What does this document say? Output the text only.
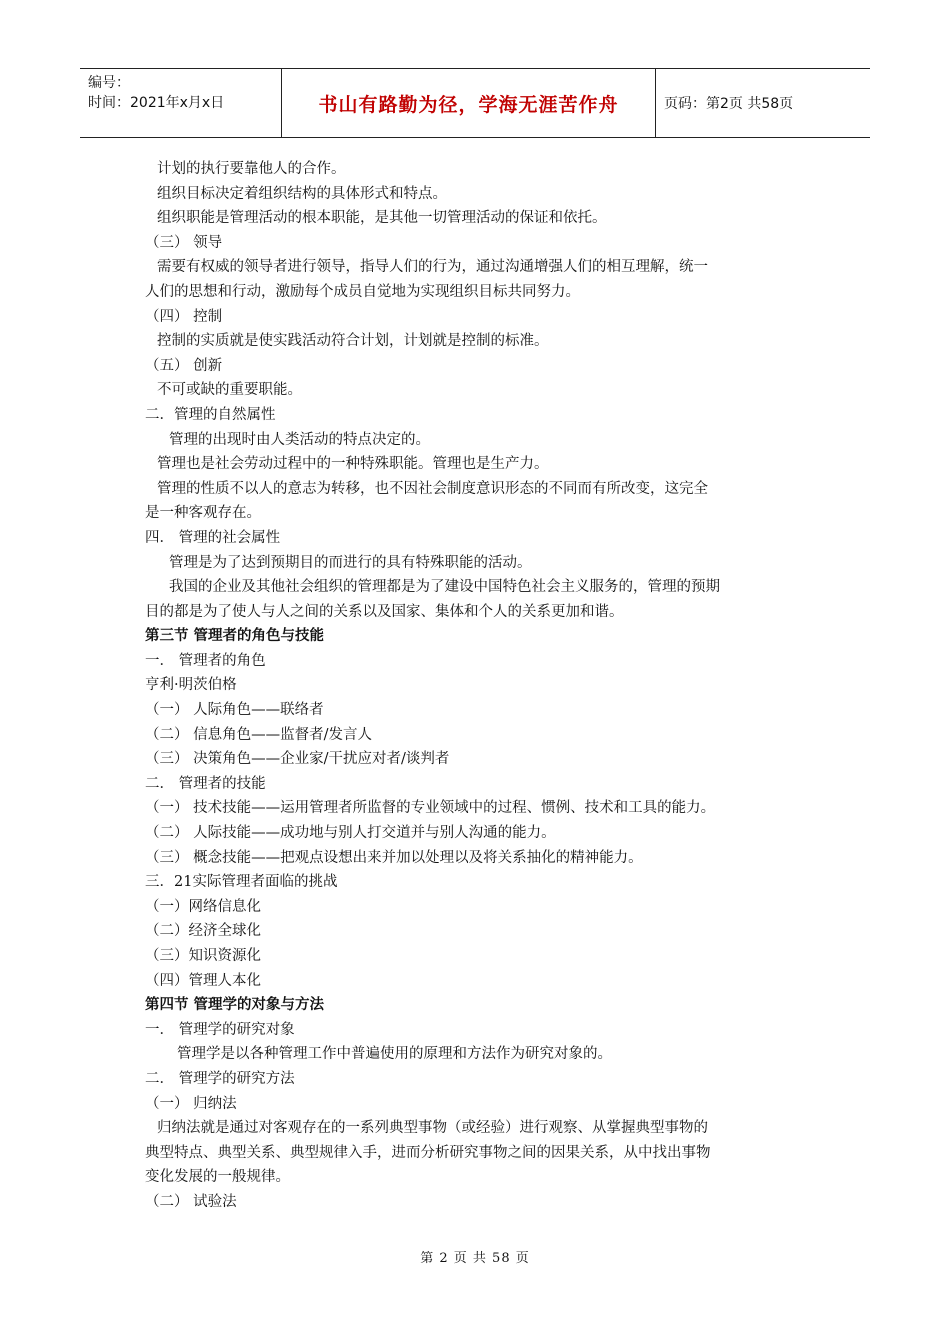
编号：
时间：2021年x月x日	书山有路勤为径，学海无涯苦作舟	页码：第2页 共58页
计划的执行要靠他人的合作。
组织目标决定着组织结构的具体形式和特点。
组织职能是管理活动的根本职能，是其他一切管理活动的保证和依托。
（三） 领导
需要有权威的领导者进行领导，指导人们的行为，通过沟通增强人们的相互理解，统一
人们的思想和行动，激励每个成员自觉地为实现组织目标共同努力。
（四） 控制
控制的实质就是使实践活动符合计划，计划就是控制的标准。
（五） 创新
不可或缺的重要职能。
二．管理的自然属性
管理的出现时由人类活动的特点决定的。
管理也是社会劳动过程中的一种特殊职能。管理也是生产力。
管理的性质不以人的意志为转移，也不因社会制度意识形态的不同而有所改变，这完全
是一种客观存在。
四． 管理的社会属性
管理是为了达到预期目的而进行的具有特殊职能的活动。
我国的企业及其他社会组织的管理都是为了建设中国特色社会主义服务的，管理的预期
目的都是为了使人与人之间的关系以及国家、集体和个人的关系更加和谐。
第三节 管理者的角色与技能
一． 管理者的角色
亨利·明茨伯格
（一） 人际角色——联络者
（二） 信息角色——监督者/发言人
（三） 决策角色——企业家/干扰应对者/谈判者
二． 管理者的技能
（一） 技术技能——运用管理者所监督的专业领域中的过程、惯例、技术和工具的能力。
（二） 人际技能——成功地与别人打交道并与别人沟通的能力。
（三） 概念技能——把观点设想出来并加以处理以及将关系抽化的精神能力。
三．21实际管理者面临的挑战
（一）网络信息化
（二）经济全球化
（三）知识资源化
（四）管理人本化
第四节 管理学的对象与方法
一． 管理学的研究对象
管理学是以各种管理工作中普遍使用的原理和方法作为研究对象的。
二． 管理学的研究方法
（一） 归纳法
归纳法就是通过对客观存在的一系列典型事物（或经验）进行观察、从掌握典型事物的
典型特点、典型关系、典型规律入手，进而分析研究事物之间的因果关系，从中找出事物
变化发展的一般规律。
（二） 试验法
第 2 页 共 58 页
